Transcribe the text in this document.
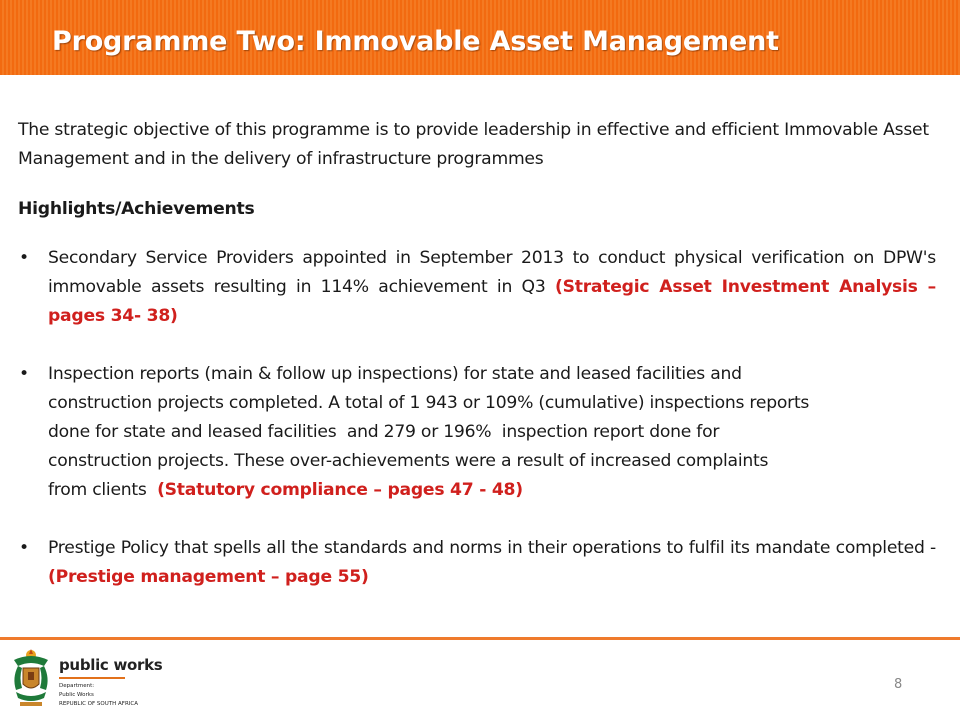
Programme Two: Immovable Asset Management

The strategic objective of this programme is to provide leadership in effective and efficient Immovable Asset Management and in the delivery of infrastructure programmes

Highlights/Achievements

• Secondary Service Providers appointed in September 2013 to conduct physical verification on DPW's immovable assets resulting in 114% achievement in Q3 (Strategic Asset Investment Analysis – pages 34- 38)
• Inspection reports (main & follow up inspections) for state and leased facilities and
construction projects completed. A total of 1 943 or 109% (cumulative) inspections reports
done for state and leased facilities  and 279 or 196%  inspection report done for
construction projects. These over-achievements were a result of increased complaints
from clients (Statutory compliance – pages 47 - 48)
• Prestige Policy that spells all the standards and norms in their operations to fulfil its mandate completed - (Prestige management – page 55)
public works
Department:
Public Works
REPUBLIC OF SOUTH AFRICA
8
